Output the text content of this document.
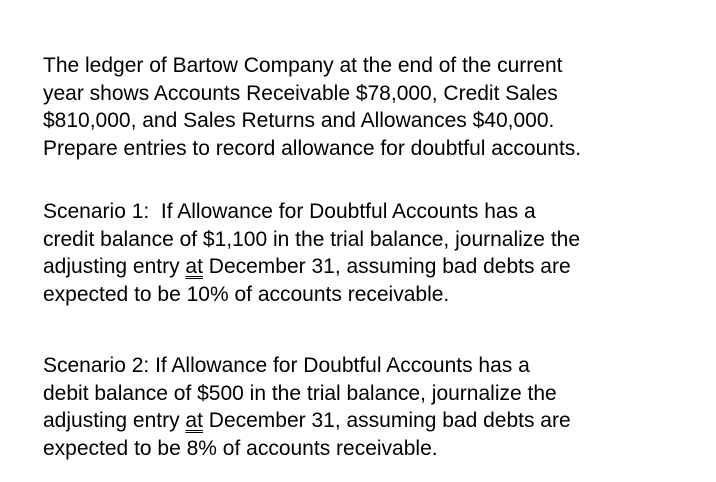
The ledger of Bartow Company at the end of the current
year shows Accounts Receivable $78,000, Credit Sales
$810,000, and Sales Returns and Allowances $40,000.
Prepare entries to record allowance for doubtful accounts.

Scenario 1:  If Allowance for Doubtful Accounts has a
credit balance of $1,100 in the trial balance, journalize the
adjusting entry at December 31, assuming bad debts are
expected to be 10% of accounts receivable.

Scenario 2: If Allowance for Doubtful Accounts has a
debit balance of $500 in the trial balance, journalize the
adjusting entry at December 31, assuming bad debts are
expected to be 8% of accounts receivable.
